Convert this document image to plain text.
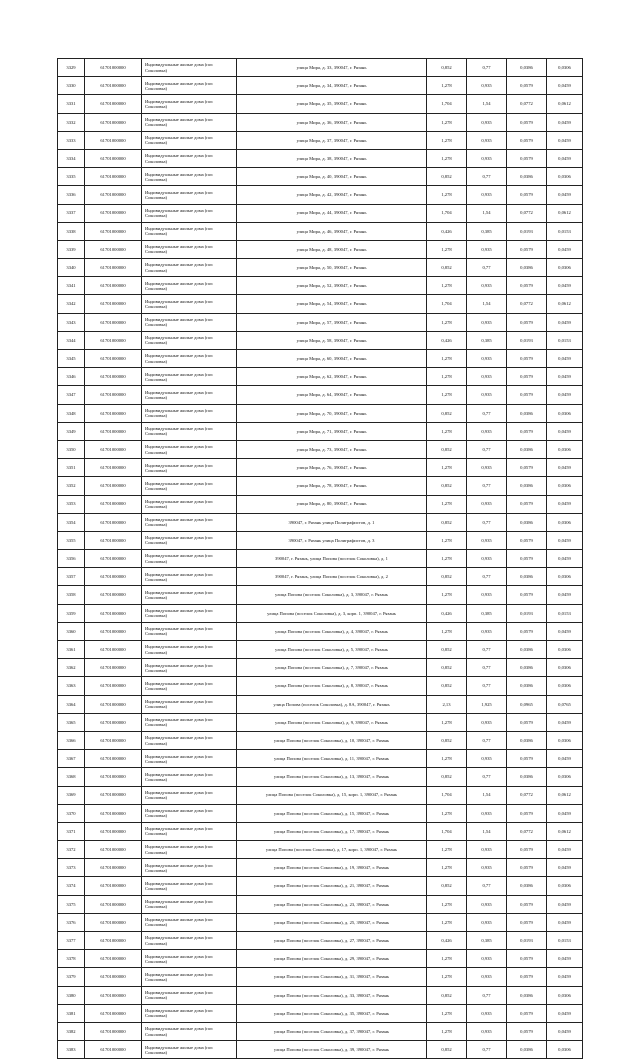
3329	61701000000	Индивидуальные жилые дома (пос Соколовка)	улица Мира, д. 33, 390047, г. Рязань	0,852	0,77	0,0386	0,0306
3330	61701000000	Индивидуальные жилые дома (пос Соколовка)	улица Мира, д. 34, 390047, г. Рязань	1,278	0,935	0,0579	0,0459
3331	61701000000	Индивидуальные жилые дома (пос Соколовка)	улица Мира, д. 35, 390047, г. Рязань	1,704	1,54	0,0772	0,0612
3332	61701000000	Индивидуальные жилые дома (пос Соколовка)	улица Мира, д. 36, 390047, г. Рязань	1,278	0,935	0,0579	0,0459
3333	61701000000	Индивидуальные жилые дома (пос Соколовка)	улица Мира, д. 37, 390047, г. Рязань	1,278	0,935	0,0579	0,0459
3334	61701000000	Индивидуальные жилые дома (пос Соколовка)	улица Мира, д. 38, 390047, г. Рязань	1,278	0,935	0,0579	0,0459
3335	61701000000	Индивидуальные жилые дома (пос Соколовка)	улица Мира, д. 40, 390047, г. Рязань	0,852	0,77	0,0386	0,0306
3336	61701000000	Индивидуальные жилые дома (пос Соколовка)	улица Мира, д. 42, 390047, г. Рязань	1,278	0,935	0,0579	0,0459
3337	61701000000	Индивидуальные жилые дома (пос Соколовка)	улица Мира, д. 44, 390047, г. Рязань	1,704	1,54	0,0772	0,0612
3338	61701000000	Индивидуальные жилые дома (пос Соколовка)	улица Мира, д. 46, 390047, г. Рязань	0,426	0,385	0,0193	0,0153
3339	61701000000	Индивидуальные жилые дома (пос Соколовка)	улица Мира, д. 48, 390047, г. Рязань	1,278	0,935	0,0579	0,0459
3340	61701000000	Индивидуальные жилые дома (пос Соколовка)	улица Мира, д. 50, 390047, г. Рязань	0,852	0,77	0,0386	0,0306
3341	61701000000	Индивидуальные жилые дома (пос Соколовка)	улица Мира, д. 52, 390047, г. Рязань	1,278	0,935	0,0579	0,0459
3342	61701000000	Индивидуальные жилые дома (пос Соколовка)	улица Мира, д. 54, 390047, г. Рязань	1,704	1,54	0,0772	0,0612
3343	61701000000	Индивидуальные жилые дома (пос Соколовка)	улица Мира, д. 57, 390047, г. Рязань	1,278	0,935	0,0579	0,0459
3344	61701000000	Индивидуальные жилые дома (пос Соколовка)	улица Мира, д. 58, 390047, г. Рязань	0,426	0,385	0,0193	0,0153
3345	61701000000	Индивидуальные жилые дома (пос Соколовка)	улица Мира, д. 60, 390047, г. Рязань	1,278	0,935	0,0579	0,0459
3346	61701000000	Индивидуальные жилые дома (пос Соколовка)	улица Мира, д. 62, 390047, г. Рязань	1,278	0,935	0,0579	0,0459
3347	61701000000	Индивидуальные жилые дома (пос Соколовка)	улица Мира, д. 64, 390047, г. Рязань	1,278	0,935	0,0579	0,0459
3348	61701000000	Индивидуальные жилые дома (пос Соколовка)	улица Мира, д. 70, 390047, г. Рязань	0,852	0,77	0,0386	0,0306
3349	61701000000	Индивидуальные жилые дома (пос Соколовка)	улица Мира, д. 71, 390047, г. Рязань	1,278	0,935	0,0579	0,0459
3350	61701000000	Индивидуальные жилые дома (пос Соколовка)	улица Мира, д. 73, 390047, г. Рязань	0,852	0,77	0,0386	0,0306
3351	61701000000	Индивидуальные жилые дома (пос Соколовка)	улица Мира, д. 76, 390047, г. Рязань	1,278	0,935	0,0579	0,0459
3352	61701000000	Индивидуальные жилые дома (пос Соколовка)	улица Мира, д. 78, 390047, г. Рязань	0,852	0,77	0,0386	0,0306
3353	61701000000	Индивидуальные жилые дома (пос Соколовка)	улица Мира, д. 80, 390047, г. Рязань	1,278	0,935	0,0579	0,0459
3354	61701000000	Индивидуальные жилые дома (пос Соколовка)	390047, г. Рязань улица Полиграфистов, д. 1	0,852	0,77	0,0386	0,0306
3355	61701000000	Индивидуальные жилые дома (пос Соколовка)	390047, г. Рязань улица Полиграфистов, д. 3	1,278	0,935	0,0579	0,0459
3356	61701000000	Индивидуальные жилые дома (пос Соколовка)	390047, г. Рязань, улица Попова (поселок Соколовка), д. 1	1,278	0,935	0,0579	0,0459
3357	61701000000	Индивидуальные жилые дома (пос Соколовка)	390047, г. Рязань, улица Попова (поселок Соколовка), д. 2	0,852	0,77	0,0386	0,0306
3358	61701000000	Индивидуальные жилые дома (пос Соколовка)	улица Попова (поселок Соколовка), д. 3, 390047, г. Рязань	1,278	0,935	0,0579	0,0459
3359	61701000000	Индивидуальные жилые дома (пос Соколовка)	улица Попова (поселок Соколовка), д. 3, корп. 1, 390047, г. Рязань	0,426	0,385	0,0193	0,0153
3360	61701000000	Индивидуальные жилые дома (пос Соколовка)	улица Попова (поселок Соколовка), д. 4, 390047, г. Рязань	1,278	0,935	0,0579	0,0459
3361	61701000000	Индивидуальные жилые дома (пос Соколовка)	улица Попова (поселок Соколовка), д. 5, 390047, г. Рязань	0,852	0,77	0,0386	0,0306
3362	61701000000	Индивидуальные жилые дома (пос Соколовка)	улица Попова (поселок Соколовка), д. 7, 390047, г. Рязань	0,852	0,77	0,0386	0,0306
3363	61701000000	Индивидуальные жилые дома (пос Соколовка)	улица Попова (поселок Соколовка), д. 8, 390047, г. Рязань	0,852	0,77	0,0386	0,0306
3364	61701000000	Индивидуальные жилые дома (пос Соколовка)	улица Попова (поселок Соколовка), д. 8А, 390047, г. Рязань	2,13	1,925	0,0965	0,0765
3365	61701000000	Индивидуальные жилые дома (пос Соколовка)	улица Попова (поселок Соколовка), д. 9, 390047, г. Рязань	1,278	0,935	0,0579	0,0459
3366	61701000000	Индивидуальные жилые дома (пос Соколовка)	улица Попова (поселок Соколовка), д. 10, 390047, г. Рязань	0,852	0,77	0,0386	0,0306
3367	61701000000	Индивидуальные жилые дома (пос Соколовка)	улица Попова (поселок Соколовка), д. 11, 390047, г. Рязань	1,278	0,935	0,0579	0,0459
3368	61701000000	Индивидуальные жилые дома (пос Соколовка)	улица Попова (поселок Соколовка), д. 13, 390047, г. Рязань	0,852	0,77	0,0386	0,0306
3369	61701000000	Индивидуальные жилые дома (пос Соколовка)	улица Попова (поселок Соколовка), д. 15, корп. 1, 390047, г. Рязань	1,704	1,54	0,0772	0,0612
3370	61701000000	Индивидуальные жилые дома (пос Соколовка)	улица Попова (поселок Соколовка), д. 15, 390047, г. Рязань	1,278	0,935	0,0579	0,0459
3371	61701000000	Индивидуальные жилые дома (пос Соколовка)	улица Попова (поселок Соколовка), д. 17, 390047, г. Рязань	1,704	1,54	0,0772	0,0612
3372	61701000000	Индивидуальные жилые дома (пос Соколовка)	улица Попова (поселок Соколовка), д. 17, корп. 1, 390047, г. Рязань	1,278	0,935	0,0579	0,0459
3373	61701000000	Индивидуальные жилые дома (пос Соколовка)	улица Попова (поселок Соколовка), д. 19, 390047, г. Рязань	1,278	0,935	0,0579	0,0459
3374	61701000000	Индивидуальные жилые дома (пос Соколовка)	улица Попова (поселок Соколовка), д. 21, 390047, г. Рязань	0,852	0,77	0,0386	0,0306
3375	61701000000	Индивидуальные жилые дома (пос Соколовка)	улица Попова (поселок Соколовка), д. 23, 390047, г. Рязань	1,278	0,935	0,0579	0,0459
3376	61701000000	Индивидуальные жилые дома (пос Соколовка)	улица Попова (поселок Соколовка), д. 25, 390047, г. Рязань	1,278	0,935	0,0579	0,0459
3377	61701000000	Индивидуальные жилые дома (пос Соколовка)	улица Попова (поселок Соколовка), д. 27, 390047, г. Рязань	0,426	0,385	0,0193	0,0153
3378	61701000000	Индивидуальные жилые дома (пос Соколовка)	улица Попова (поселок Соколовка), д. 29, 390047, г. Рязань	1,278	0,935	0,0579	0,0459
3379	61701000000	Индивидуальные жилые дома (пос Соколовка)	улица Попова (поселок Соколовка), д. 31, 390047, г. Рязань	1,278	0,935	0,0579	0,0459
3380	61701000000	Индивидуальные жилые дома (пос Соколовка)	улица Попова (поселок Соколовка), д. 33, 390047, г. Рязань	0,852	0,77	0,0386	0,0306
3381	61701000000	Индивидуальные жилые дома (пос Соколовка)	улица Попова (поселок Соколовка), д. 35, 390047, г. Рязань	1,278	0,935	0,0579	0,0459
3382	61701000000	Индивидуальные жилые дома (пос Соколовка)	улица Попова (поселок Соколовка), д. 37, 390047, г. Рязань	1,278	0,935	0,0579	0,0459
3383	61701000000	Индивидуальные жилые дома (пос Соколовка)	улица Попова (поселок Соколовка), д. 39, 390047, г. Рязань	0,852	0,77	0,0386	0,0306
